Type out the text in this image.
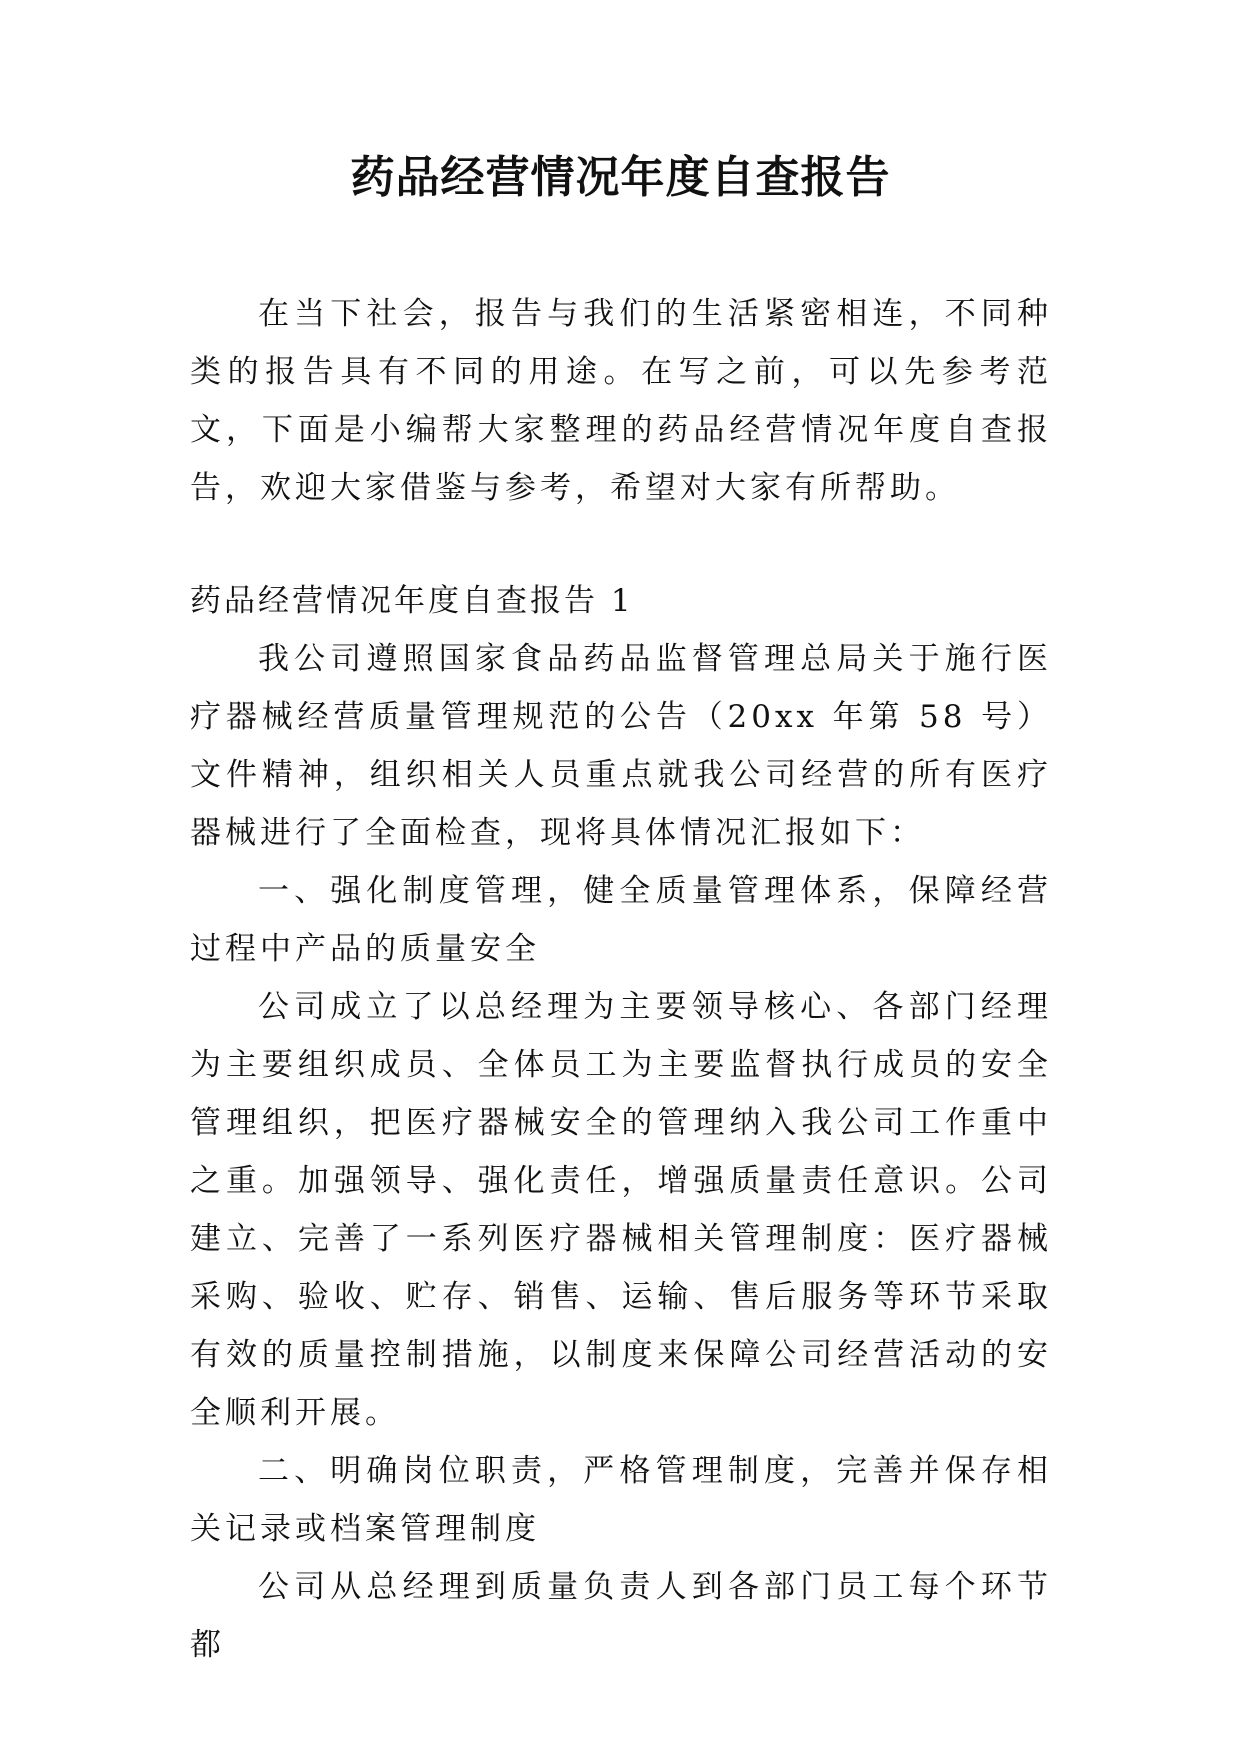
药品经营情况年度自查报告

在当下社会，报告与我们的生活紧密相连，不同种类的报告具有不同的用途。在写之前，可以先参考范文，下面是小编帮大家整理的药品经营情况年度自查报告，欢迎大家借鉴与参考，希望对大家有所帮助。

药品经营情况年度自查报告 1

我公司遵照国家食品药品监督管理总局关于施行医疗器械经营质量管理规范的公告（20xx 年第 58 号）文件精神，组织相关人员重点就我公司经营的所有医疗器械进行了全面检查，现将具体情况汇报如下：

一、强化制度管理，健全质量管理体系，保障经营过程中产品的质量安全

公司成立了以总经理为主要领导核心、各部门经理为主要组织成员、全体员工为主要监督执行成员的安全管理组织，把医疗器械安全的管理纳入我公司工作重中之重。加强领导、强化责任，增强质量责任意识。公司建立、完善了一系列医疗器械相关管理制度：医疗器械采购、验收、贮存、销售、运输、售后服务等环节采取有效的质量控制措施，以制度来保障公司经营活动的安全顺利开展。

二、明确岗位职责，严格管理制度，完善并保存相关记录或档案管理制度

公司从总经理到质量负责人到各部门员工每个环节都
